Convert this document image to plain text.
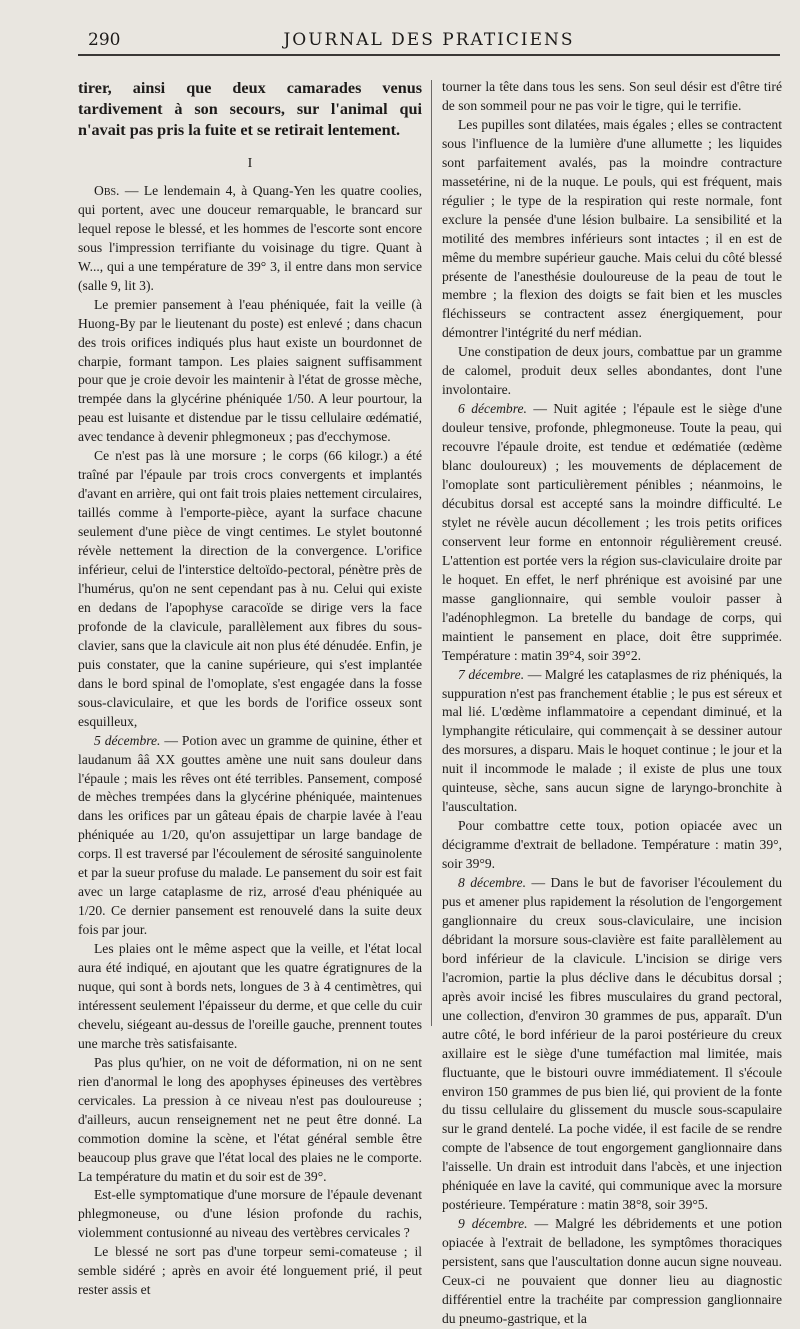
290	JOURNAL DES PRATICIENS

tirer, ainsi que deux camarades venus tardivement à son secours, sur l'animal qui n'avait pas pris la fuite et se retirait lentement.

I

Obs. — Le lendemain 4, à Quang-Yen les quatre coolies, qui portent, avec une douceur remarquable, le brancard sur lequel repose le blessé, et les hommes de l'escorte sont encore sous l'impression terrifiante du voisinage du tigre. Quant à W..., qui a une température de 39° 3, il entre dans mon service (salle 9, lit 3).

Le premier pansement à l'eau phéniquée, fait la veille (à Huong-By par le lieutenant du poste) est enlevé ; dans chacun des trois orifices indiqués plus haut existe un bourdonnet de charpie, formant tampon. Les plaies saignent suffisamment pour que je croie devoir les maintenir à l'état de grosse mèche, trempée dans la glycérine phéniquée 1/50. A leur pourtour, la peau est luisante et distendue par le tissu cellulaire œdématié, avec tendance à devenir phlegmoneux ; pas d'ecchymose.

Ce n'est pas là une morsure ; le corps (66 kilogr.) a été traîné par l'épaule par trois crocs convergents et implantés d'avant en arrière, qui ont fait trois plaies nettement circulaires, taillés comme à l'emporte-pièce, ayant la surface chacune seulement d'une pièce de vingt centimes. Le stylet boutonné révèle nettement la direction de la convergence. L'orifice inférieur, celui de l'interstice deltoïdo-pectoral, pénètre près de l'humérus, qu'on ne sent cependant pas à nu. Celui qui existe en dedans de l'apophyse caracoïde se dirige vers la face profonde de la clavicule, parallèlement aux fibres du sous-clavier, sans que la clavicule ait non plus été dénudée. Enfin, je puis constater, que la canine supérieure, qui s'est implantée dans le bord spinal de l'omoplate, s'est engagée dans la fosse sous-claviculaire, et que les bords de l'orifice osseux sont esquilleux,

5 décembre. — Potion avec un gramme de quinine, éther et laudanum ââ XX gouttes amène une nuit sans douleur dans l'épaule ; mais les rêves ont été terribles. Pansement, composé de mèches trempées dans la glycérine phéniquée, maintenues dans les orifices par un gâteau épais de charpie lavée à l'eau phéniquée au 1/20, qu'on assujettipar un large bandage de corps. Il est traversé par l'écoulement de sérosité sanguinolente et par la sueur profuse du malade. Le pansement du soir est fait avec un large cataplasme de riz, arrosé d'eau phéniquée au 1/20. Ce dernier pansement est renouvelé dans la suite deux fois par jour.

Les plaies ont le même aspect que la veille, et l'état local aura été indiqué, en ajoutant que les quatre égratignures de la nuque, qui sont à bords nets, longues de 3 à 4 centimètres, qui intéressent seulement l'épaisseur du derme, et que celle du cuir chevelu, siégeant au-dessus de l'oreille gauche, prennent toutes une marche très satisfaisante.

Pas plus qu'hier, on ne voit de déformation, ni on ne sent rien d'anormal le long des apophyses épineuses des vertèbres cervicales. La pression à ce niveau n'est pas douloureuse ; d'ailleurs, aucun renseignement net ne peut être donné. La commotion domine la scène, et l'état général semble être beaucoup plus grave que l'état local des plaies ne le comporte. La température du matin et du soir est de 39°.

Est-elle symptomatique d'une morsure de l'épaule devenant phlegmoneuse, ou d'une lésion profonde du rachis, violemment contusionné au niveau des vertèbres cervicales ?

Le blessé ne sort pas d'une torpeur semi-comateuse ; il semble sidéré ; après en avoir été longuement prié, il peut rester assis et

tourner la tête dans tous les sens. Son seul désir est d'être tiré de son sommeil pour ne pas voir le tigre, qui le terrifie.

Les pupilles sont dilatées, mais égales ; elles se contractent sous l'influence de la lumière d'une allumette ; les liquides sont parfaitement avalés, pas la moindre contracture massetérine, ni de la nuque. Le pouls, qui est fréquent, mais régulier ; le type de la respiration qui reste normale, font exclure la pensée d'une lésion bulbaire. La sensibilité et la motilité des membres inférieurs sont intactes ; il en est de même du membre supérieur gauche. Mais celui du côté blessé présente de l'anesthésie douloureuse de la peau de tout le membre ; la flexion des doigts se fait bien et les muscles fléchisseurs se contractent assez énergiquement, pour démontrer l'intégrité du nerf médian.

Une constipation de deux jours, combattue par un gramme de calomel, produit deux selles abondantes, dont l'une involontaire.

6 décembre. — Nuit agitée ; l'épaule est le siège d'une douleur tensive, profonde, phlegmoneuse. Toute la peau, qui recouvre l'épaule droite, est tendue et œdématiée (œdème blanc douloureux) ; les mouvements de déplacement de l'omoplate sont particulièrement pénibles ; néanmoins, le décubitus dorsal est accepté sans la moindre difficulté. Le stylet ne révèle aucun décollement ; les trois petits orifices conservent leur forme en entonnoir régulièrement creusé. L'attention est portée vers la région sus-claviculaire droite par le hoquet. En effet, le nerf phrénique est avoisiné par une masse ganglionnaire, qui semble vouloir passer à l'adénophlegmon. La bretelle du bandage de corps, qui maintient le pansement en place, doit être supprimée. Température : matin 39°4, soir 39°2.

7 décembre. — Malgré les cataplasmes de riz phéniqués, la suppuration n'est pas franchement établie ; le pus est séreux et mal lié. L'œdème inflammatoire a cependant diminué, et la lymphangite réticulaire, qui commençait à se dessiner autour des morsures, a disparu. Mais le hoquet continue ; le jour et la nuit il incommode le malade ; il existe de plus une toux quinteuse, sèche, sans aucun signe de laryngo-bronchite à l'auscultation.

Pour combattre cette toux, potion opiacée avec un décigramme d'extrait de belladone. Température : matin 39°, soir 39°9.

8 décembre. — Dans le but de favoriser l'écoulement du pus et amener plus rapidement la résolution de l'engorgement ganglionnaire du creux sous-claviculaire, une incision débridant la morsure sous-clavière est faite parallèlement au bord inférieur de la clavicule. L'incision se dirige vers l'acromion, partie la plus déclive dans le décubitus dorsal ; après avoir incisé les fibres musculaires du grand pectoral, une collection, d'environ 30 grammes de pus, apparaît. D'un autre côté, le bord inférieur de la paroi postérieure du creux axillaire est le siège d'une tuméfaction mal limitée, mais fluctuante, que le bistouri ouvre immédiatement. Il s'écoule environ 150 grammes de pus bien lié, qui provient de la fonte du tissu cellulaire du glissement du muscle sous-scapulaire sur le grand dentelé. La poche vidée, il est facile de se rendre compte de l'absence de tout engorgement ganglionnaire dans l'aisselle. Un drain est introduit dans l'abcès, et une injection phéniquée en lave la cavité, qui communique avec la morsure postérieure. Température : matin 38°8, soir 39°5.

9 décembre. — Malgré les débridements et une potion opiacée à l'extrait de belladone, les symptômes thoraciques persistent, sans que l'auscultation donne aucun signe nouveau. Ceux-ci ne pouvaient que donner lieu au diagnostic différentiel entre la trachéite par compression ganglionnaire du pneumo-gastrique, et la
